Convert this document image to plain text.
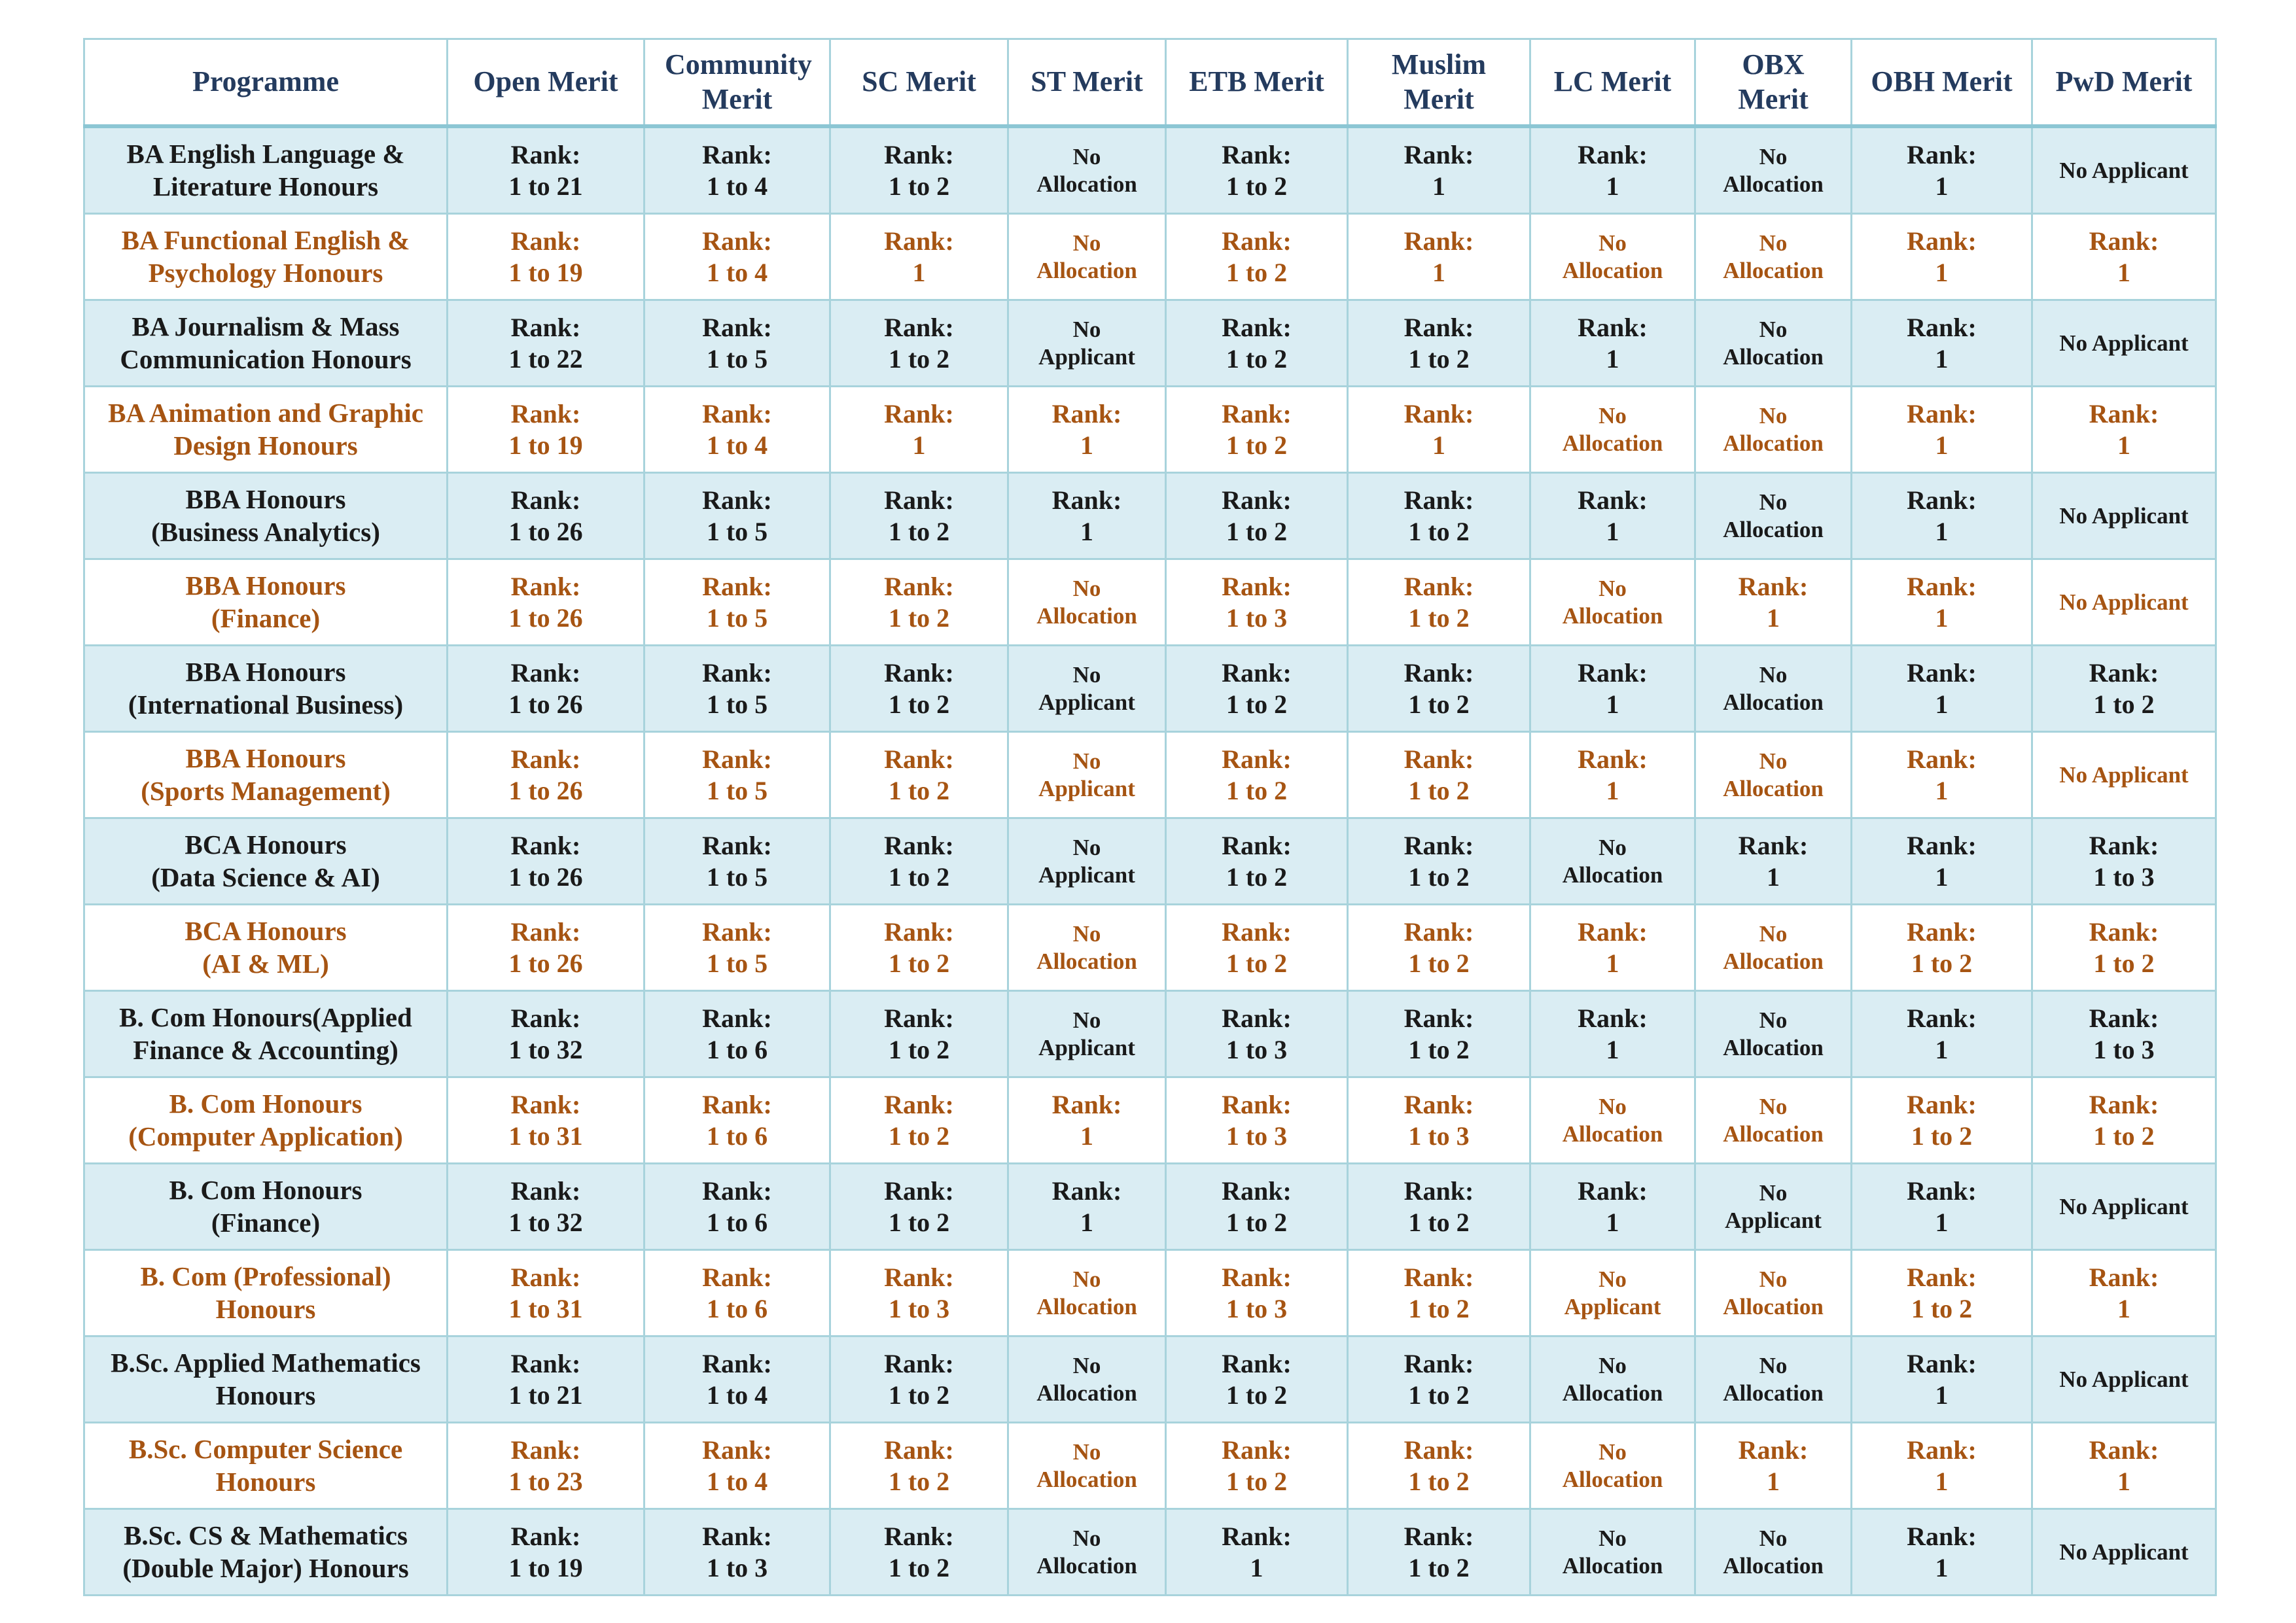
Programme	Open Merit	Community Merit	SC Merit	ST Merit	ETB Merit	Muslim Merit	LC Merit	OBX Merit	OBH Merit	PwD Merit

BA English Language &
Literature Honours	Rank:
1 to 21	Rank:
1 to 4	Rank:
1 to 2	No
Allocation	Rank:
1 to 2	Rank:
1	Rank:
1	No
Allocation	Rank:
1	No Applicant

BA Functional English &
Psychology Honours	Rank:
1 to 19	Rank:
1 to 4	Rank:
1	No
Allocation	Rank:
1 to 2	Rank:
1	No
Allocation	No
Allocation	Rank:
1	Rank:
1

BA Journalism & Mass
Communication Honours	Rank:
1 to 22	Rank:
1 to 5	Rank:
1 to 2	No
Applicant	Rank:
1 to 2	Rank:
1 to 2	Rank:
1	No
Allocation	Rank:
1	No Applicant

BA Animation and Graphic
Design Honours	Rank:
1 to 19	Rank:
1 to 4	Rank:
1	Rank:
1	Rank:
1 to 2	Rank:
1	No
Allocation	No
Allocation	Rank:
1	Rank:
1

BBA Honours
(Business Analytics)	Rank:
1 to 26	Rank:
1 to 5	Rank:
1 to 2	Rank:
1	Rank:
1 to 2	Rank:
1 to 2	Rank:
1	No
Allocation	Rank:
1	No Applicant

BBA Honours
(Finance)	Rank:
1 to 26	Rank:
1 to 5	Rank:
1 to 2	No
Allocation	Rank:
1 to 3	Rank:
1 to 2	No
Allocation	Rank:
1	Rank:
1	No Applicant

BBA Honours
(International Business)	Rank:
1 to 26	Rank:
1 to 5	Rank:
1 to 2	No
Applicant	Rank:
1 to 2	Rank:
1 to 2	Rank:
1	No
Allocation	Rank:
1	Rank:
1 to 2

BBA Honours
(Sports Management)	Rank:
1 to 26	Rank:
1 to 5	Rank:
1 to 2	No
Applicant	Rank:
1 to 2	Rank:
1 to 2	Rank:
1	No
Allocation	Rank:
1	No Applicant

BCA Honours
(Data Science & AI)	Rank:
1 to 26	Rank:
1 to 5	Rank:
1 to 2	No
Applicant	Rank:
1 to 2	Rank:
1 to 2	No
Allocation	Rank:
1	Rank:
1	Rank:
1 to 3

BCA Honours
(AI & ML)	Rank:
1 to 26	Rank:
1 to 5	Rank:
1 to 2	No
Allocation	Rank:
1 to 2	Rank:
1 to 2	Rank:
1	No
Allocation	Rank:
1 to 2	Rank:
1 to 2

B. Com Honours(Applied
Finance & Accounting)	Rank:
1 to 32	Rank:
1 to 6	Rank:
1 to 2	No
Applicant	Rank:
1 to 3	Rank:
1 to 2	Rank:
1	No
Allocation	Rank:
1	Rank:
1 to 3

B. Com Honours
(Computer Application)	Rank:
1 to 31	Rank:
1 to 6	Rank:
1 to 2	Rank:
1	Rank:
1 to 3	Rank:
1 to 3	No
Allocation	No
Allocation	Rank:
1 to 2	Rank:
1 to 2

B. Com Honours
(Finance)	Rank:
1 to 32	Rank:
1 to 6	Rank:
1 to 2	Rank:
1	Rank:
1 to 2	Rank:
1 to 2	Rank:
1	No
Applicant	Rank:
1	No Applicant

B. Com (Professional)
Honours	Rank:
1 to 31	Rank:
1 to 6	Rank:
1 to 3	No
Allocation	Rank:
1 to 3	Rank:
1 to 2	No
Applicant	No
Allocation	Rank:
1 to 2	Rank:
1

B.Sc. Applied Mathematics
Honours	Rank:
1 to 21	Rank:
1 to 4	Rank:
1 to 2	No
Allocation	Rank:
1 to 2	Rank:
1 to 2	No
Allocation	No
Allocation	Rank:
1	No Applicant

B.Sc. Computer Science
Honours	Rank:
1 to 23	Rank:
1 to 4	Rank:
1 to 2	No
Allocation	Rank:
1 to 2	Rank:
1 to 2	No
Allocation	Rank:
1	Rank:
1	Rank:
1

B.Sc. CS & Mathematics
(Double Major) Honours	Rank:
1 to 19	Rank:
1 to 3	Rank:
1 to 2	No
Allocation	Rank:
1	Rank:
1 to 2	No
Allocation	No
Allocation	Rank:
1	No Applicant
